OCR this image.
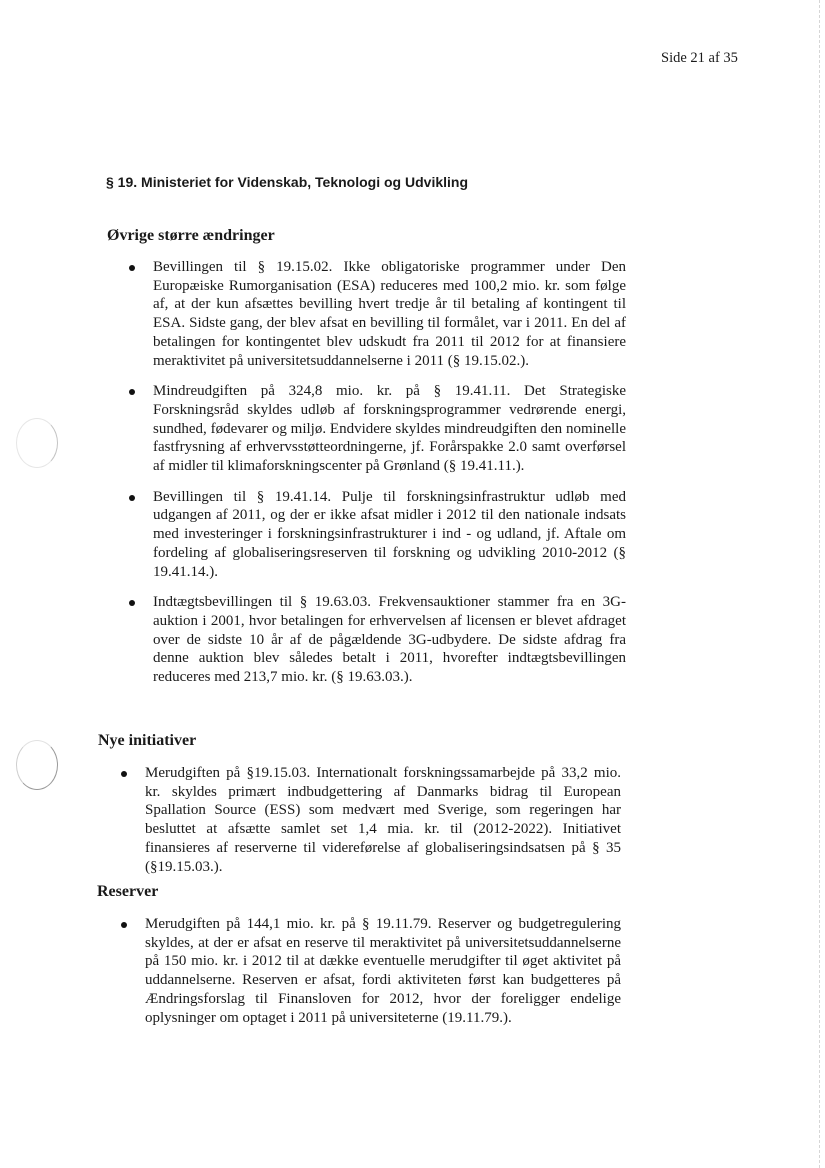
Side 21 af 35
§ 19. Ministeriet for Videnskab, Teknologi og Udvikling
Øvrige større ændringer
Bevillingen til § 19.15.02. Ikke obligatoriske programmer under Den Europæiske Rumorganisation (ESA) reduceres med 100,2 mio. kr. som følge af, at der kun afsættes bevilling hvert tredje år til betaling af kontingent til ESA. Sidste gang, der blev afsat en bevilling til formålet, var i 2011. En del af betalingen for kontingentet blev udskudt fra 2011 til 2012 for at finansiere meraktivitet på universitetsuddannelserne i 2011 (§ 19.15.02.).
Mindreudgiften på 324,8 mio. kr. på § 19.41.11. Det Strategiske Forskningsråd skyldes udløb af forskningsprogrammer vedrørende energi, sundhed, fødevarer og miljø. Endvidere skyldes mindreudgiften den nominelle fastfrysning af erhvervsstøtteordningerne, jf. Forårspakke 2.0 samt overførsel af midler til klimaforskningscenter på Grønland (§ 19.41.11.).
Bevillingen til § 19.41.14. Pulje til forskningsinfrastruktur udløb med udgangen af 2011, og der er ikke afsat midler i 2012 til den nationale indsats med investeringer i forskningsinfrastrukturer i ind - og udland, jf. Aftale om fordeling af globaliseringsreserven til forskning og udvikling 2010-2012 (§ 19.41.14.).
Indtægtsbevillingen til § 19.63.03. Frekvensauktioner stammer fra en 3G-auktion i 2001, hvor betalingen for erhvervelsen af licensen er blevet afdraget over de sidste 10 år af de pågældende 3G-udbydere. De sidste afdrag fra denne auktion blev således betalt i 2011, hvorefter indtægtsbevillingen reduceres med 213,7 mio. kr. (§ 19.63.03.).
Nye initiativer
Merudgiften på §19.15.03. Internationalt forskningssamarbejde på 33,2 mio. kr. skyldes primært indbudgettering af Danmarks bidrag til European Spallation Source (ESS) som medvært med Sverige, som regeringen har besluttet at afsætte samlet set 1,4 mia. kr. til (2012-2022). Initiativet finansieres af reserverne til videreførelse af globaliseringsindsatsen på § 35 (§19.15.03.).
Reserver
Merudgiften på 144,1 mio. kr. på § 19.11.79. Reserver og budgetregulering skyldes, at der er afsat en reserve til meraktivitet på universitetsuddannelserne på 150 mio. kr. i 2012 til at dække eventuelle merudgifter til øget aktivitet på uddannelserne. Reserven er afsat, fordi aktiviteten først kan budgetteres på Ændringsforslag til Finansloven for 2012, hvor der foreligger endelige oplysninger om optaget i 2011 på universiteterne (19.11.79.).
